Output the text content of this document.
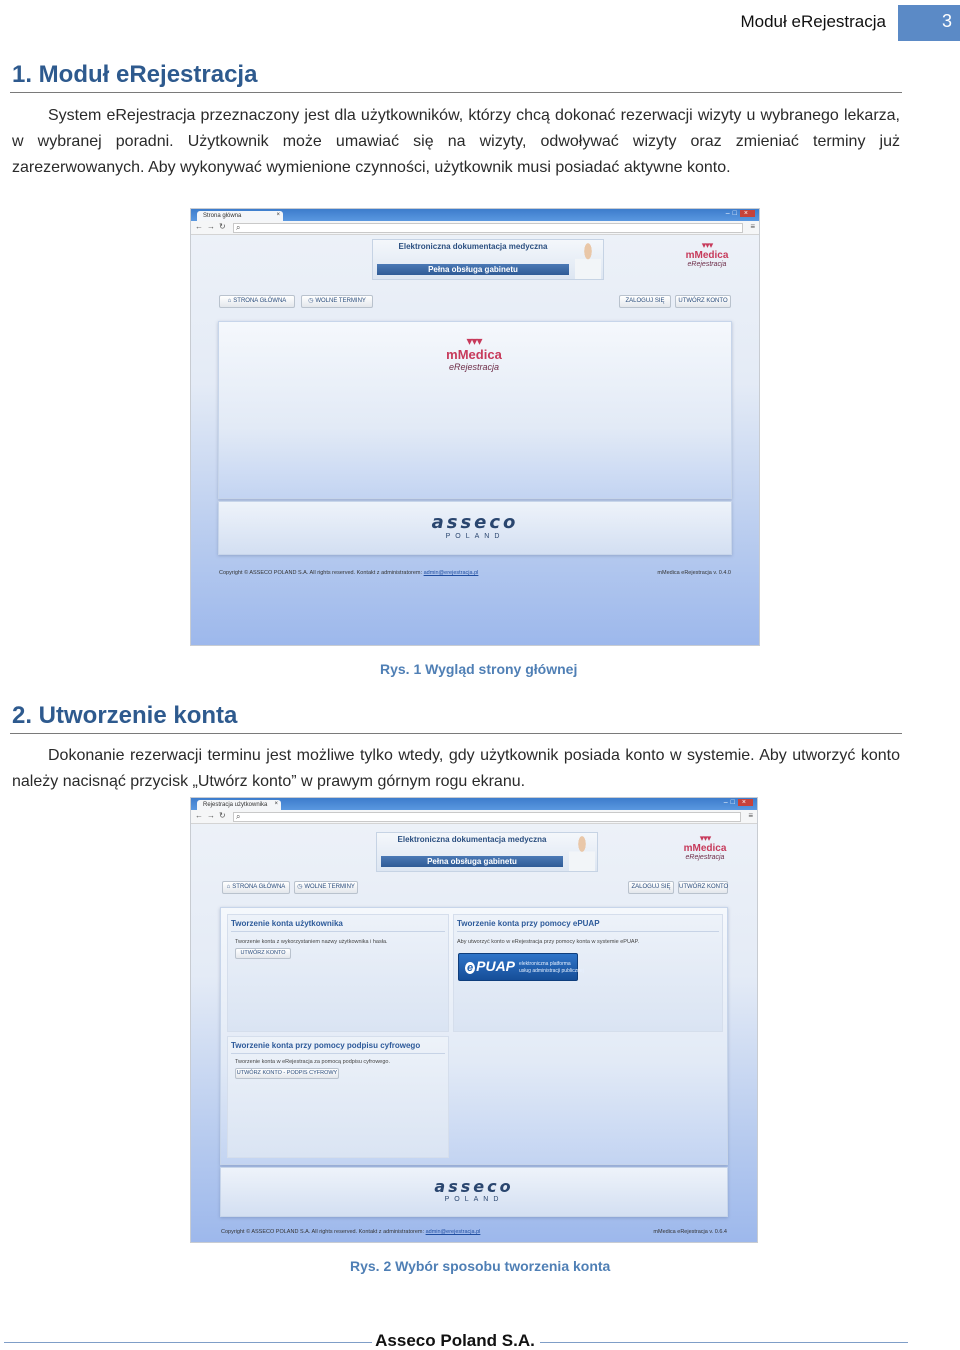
Moduł eRejestracja	3
1. Moduł eRejestracja
System eRejestracja przeznaczony jest dla użytkowników, którzy chcą dokonać rezerwacji wizyty u wybranego lekarza, w wybranej poradni. Użytkownik może umawiać się na wizyty, odwoływać wizyty oraz zmieniać terminy już zarezerwowanych. Aby wykonywać wymienione czynności, użytkownik musi posiadać aktywne konto.
Strona główna	×	–□ ×
← → ↻ ⌕	≡
Elektroniczna dokumentacja medyczna
Pełna obsługa gabinetu
▾▾▾
mMedica
eRejestracja
⌂ STRONA GŁÓWNA	◷ WOLNE TERMINY	ZALOGUJ SIĘ	UTWÓRZ KONTO
▾▾▾
mMedica
eRejestracja
asseco
POLAND
Copyright © ASSECO POLAND S.A. All rights reserved. Kontakt z administratorem: admin@erejestracja.pl	mMedica eRejestracja v. 0.4.0
Rys. 1 Wygląd strony głównej
2. Utworzenie konta
Dokonanie rezerwacji terminu jest możliwe tylko wtedy, gdy użytkownik posiada konto w systemie. Aby utworzyć konto należy nacisnąć przycisk „Utwórz konto” w prawym górnym rogu ekranu.
Rejestracja użytkownika ×	–□ ×
← → ↻ ⌕	≡
Elektroniczna dokumentacja medyczna
Pełna obsługa gabinetu
▾▾▾
mMedica
eRejestracja
⌂ STRONA GŁÓWNA	◷ WOLNE TERMINY	ZALOGUJ SIĘ	UTWÓRZ KONTO
Tworzenie konta użytkownika
Tworzenie konta z wykorzystaniem nazwy użytkownika i hasła.
UTWÓRZ KONTO
Tworzenie konta przy pomocy ePUAP
Aby utworzyć konto w eRejestracja przy pomocy konta w systemie ePUAP.
e PUAP elektroniczna platforma
usług administracji publicznej
Tworzenie konta przy pomocy podpisu cyfrowego
Tworzenie konta w eRejestracja za pomocą podpisu cyfrowego.
UTWÓRZ KONTO - PODPIS CYFROWY
asseco
POLAND
Copyright © ASSECO POLAND S.A. All rights reserved. Kontakt z administratorem: admin@erejestracja.pl	mMedica eRejestracja v. 0.6.4
Rys. 2 Wybór sposobu tworzenia konta
Asseco Poland S.A.
